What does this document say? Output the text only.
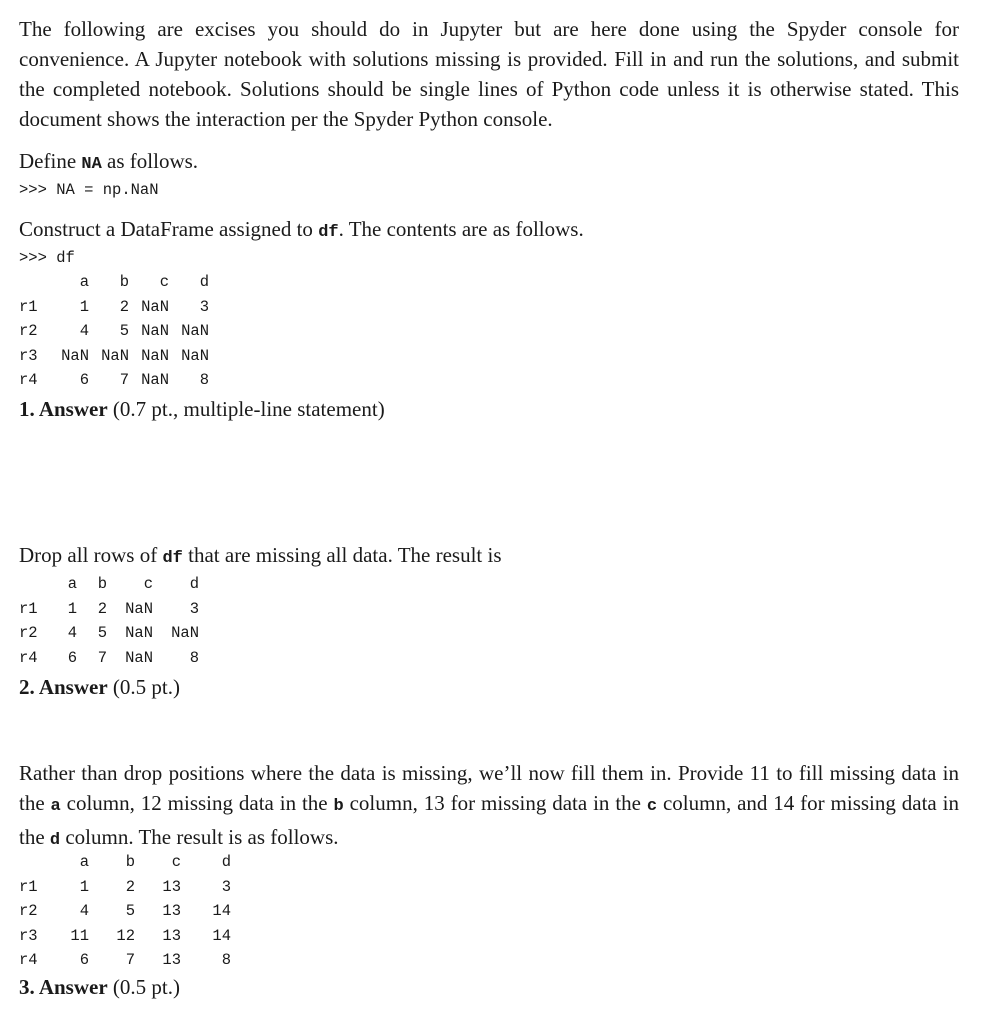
The following are excises you should do in Jupyter but are here done using the Spyder console for convenience. A Jupyter notebook with solutions missing is provided. Fill in and run the solutions, and submit the completed notebook. Solutions should be single lines of Python code unless it is otherwise stated. This document shows the interaction per the Spyder Python console.

Define NA as follows.

>>> NA = np.NaN

Construct a DataFrame assigned to df. The contents are as follows.

>>> df

	a	b	c	d
r1	1	2	NaN	3
r2	4	5	NaN	NaN
r3	NaN	NaN	NaN	NaN
r4	6	7	NaN	8

1. Answer (0.7 pt., multiple-line statement)

Drop all rows of df that are missing all data. The result is

	a	b	c	d
r1	1	2	NaN	3
r2	4	5	NaN	NaN
r4	6	7	NaN	8

2. Answer (0.5 pt.)

Rather than drop positions where the data is missing, we’ll now fill them in. Provide 11 to fill missing data in the a column, 12 missing data in the b column, 13 for missing data in the c column, and 14 for missing data in the d column. The result is as follows.

	a	b	c	d
r1	1	2	13	3
r2	4	5	13	14
r3	11	12	13	14
r4	6	7	13	8

3. Answer (0.5 pt.)
